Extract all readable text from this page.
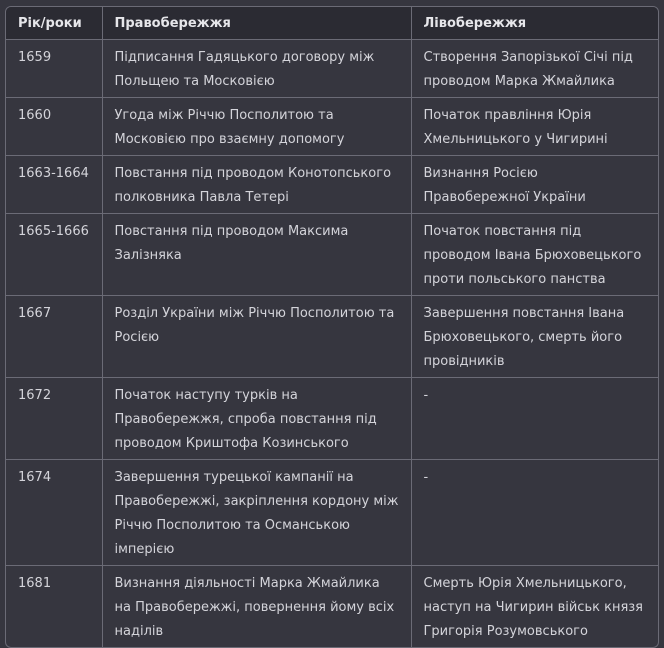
Рік/роки	Правобережжя	Лівобережжя
1659	Підписання Гадяцького договору між Польщею та Московією	Створення Запорізької Січі під проводом Марка Жмайлика
1660	Угода між Річчю Посполитою та Московією про взаємну допомогу	Початок правління Юрія Хмельницького у Чигирині
1663-1664	Повстання під проводом Конотопського полковника Павла Тетері	Визнання Росією Правобережної України
1665-1666	Повстання під проводом Максима Залізняка	Початок повстання під проводом Івана Брюховецького проти польського панства
1667	Розділ України між Річчю Посполитою та Росією	Завершення повстання Івана Брюховецького, смерть його провідників
1672	Початок наступу турків на Правобережжя, спроба повстання під проводом Криштофа Козинського	-
1674	Завершення турецької кампанії на Правобережжі, закріплення кордону між Річчю Посполитою та Османською імперією	-
1681	Визнання діяльності Марка Жмайлика на Правобережжі, повернення йому всіх наділів	Смерть Юрія Хмельницького, наступ на Чигирин військ князя Григорія Розумовського
